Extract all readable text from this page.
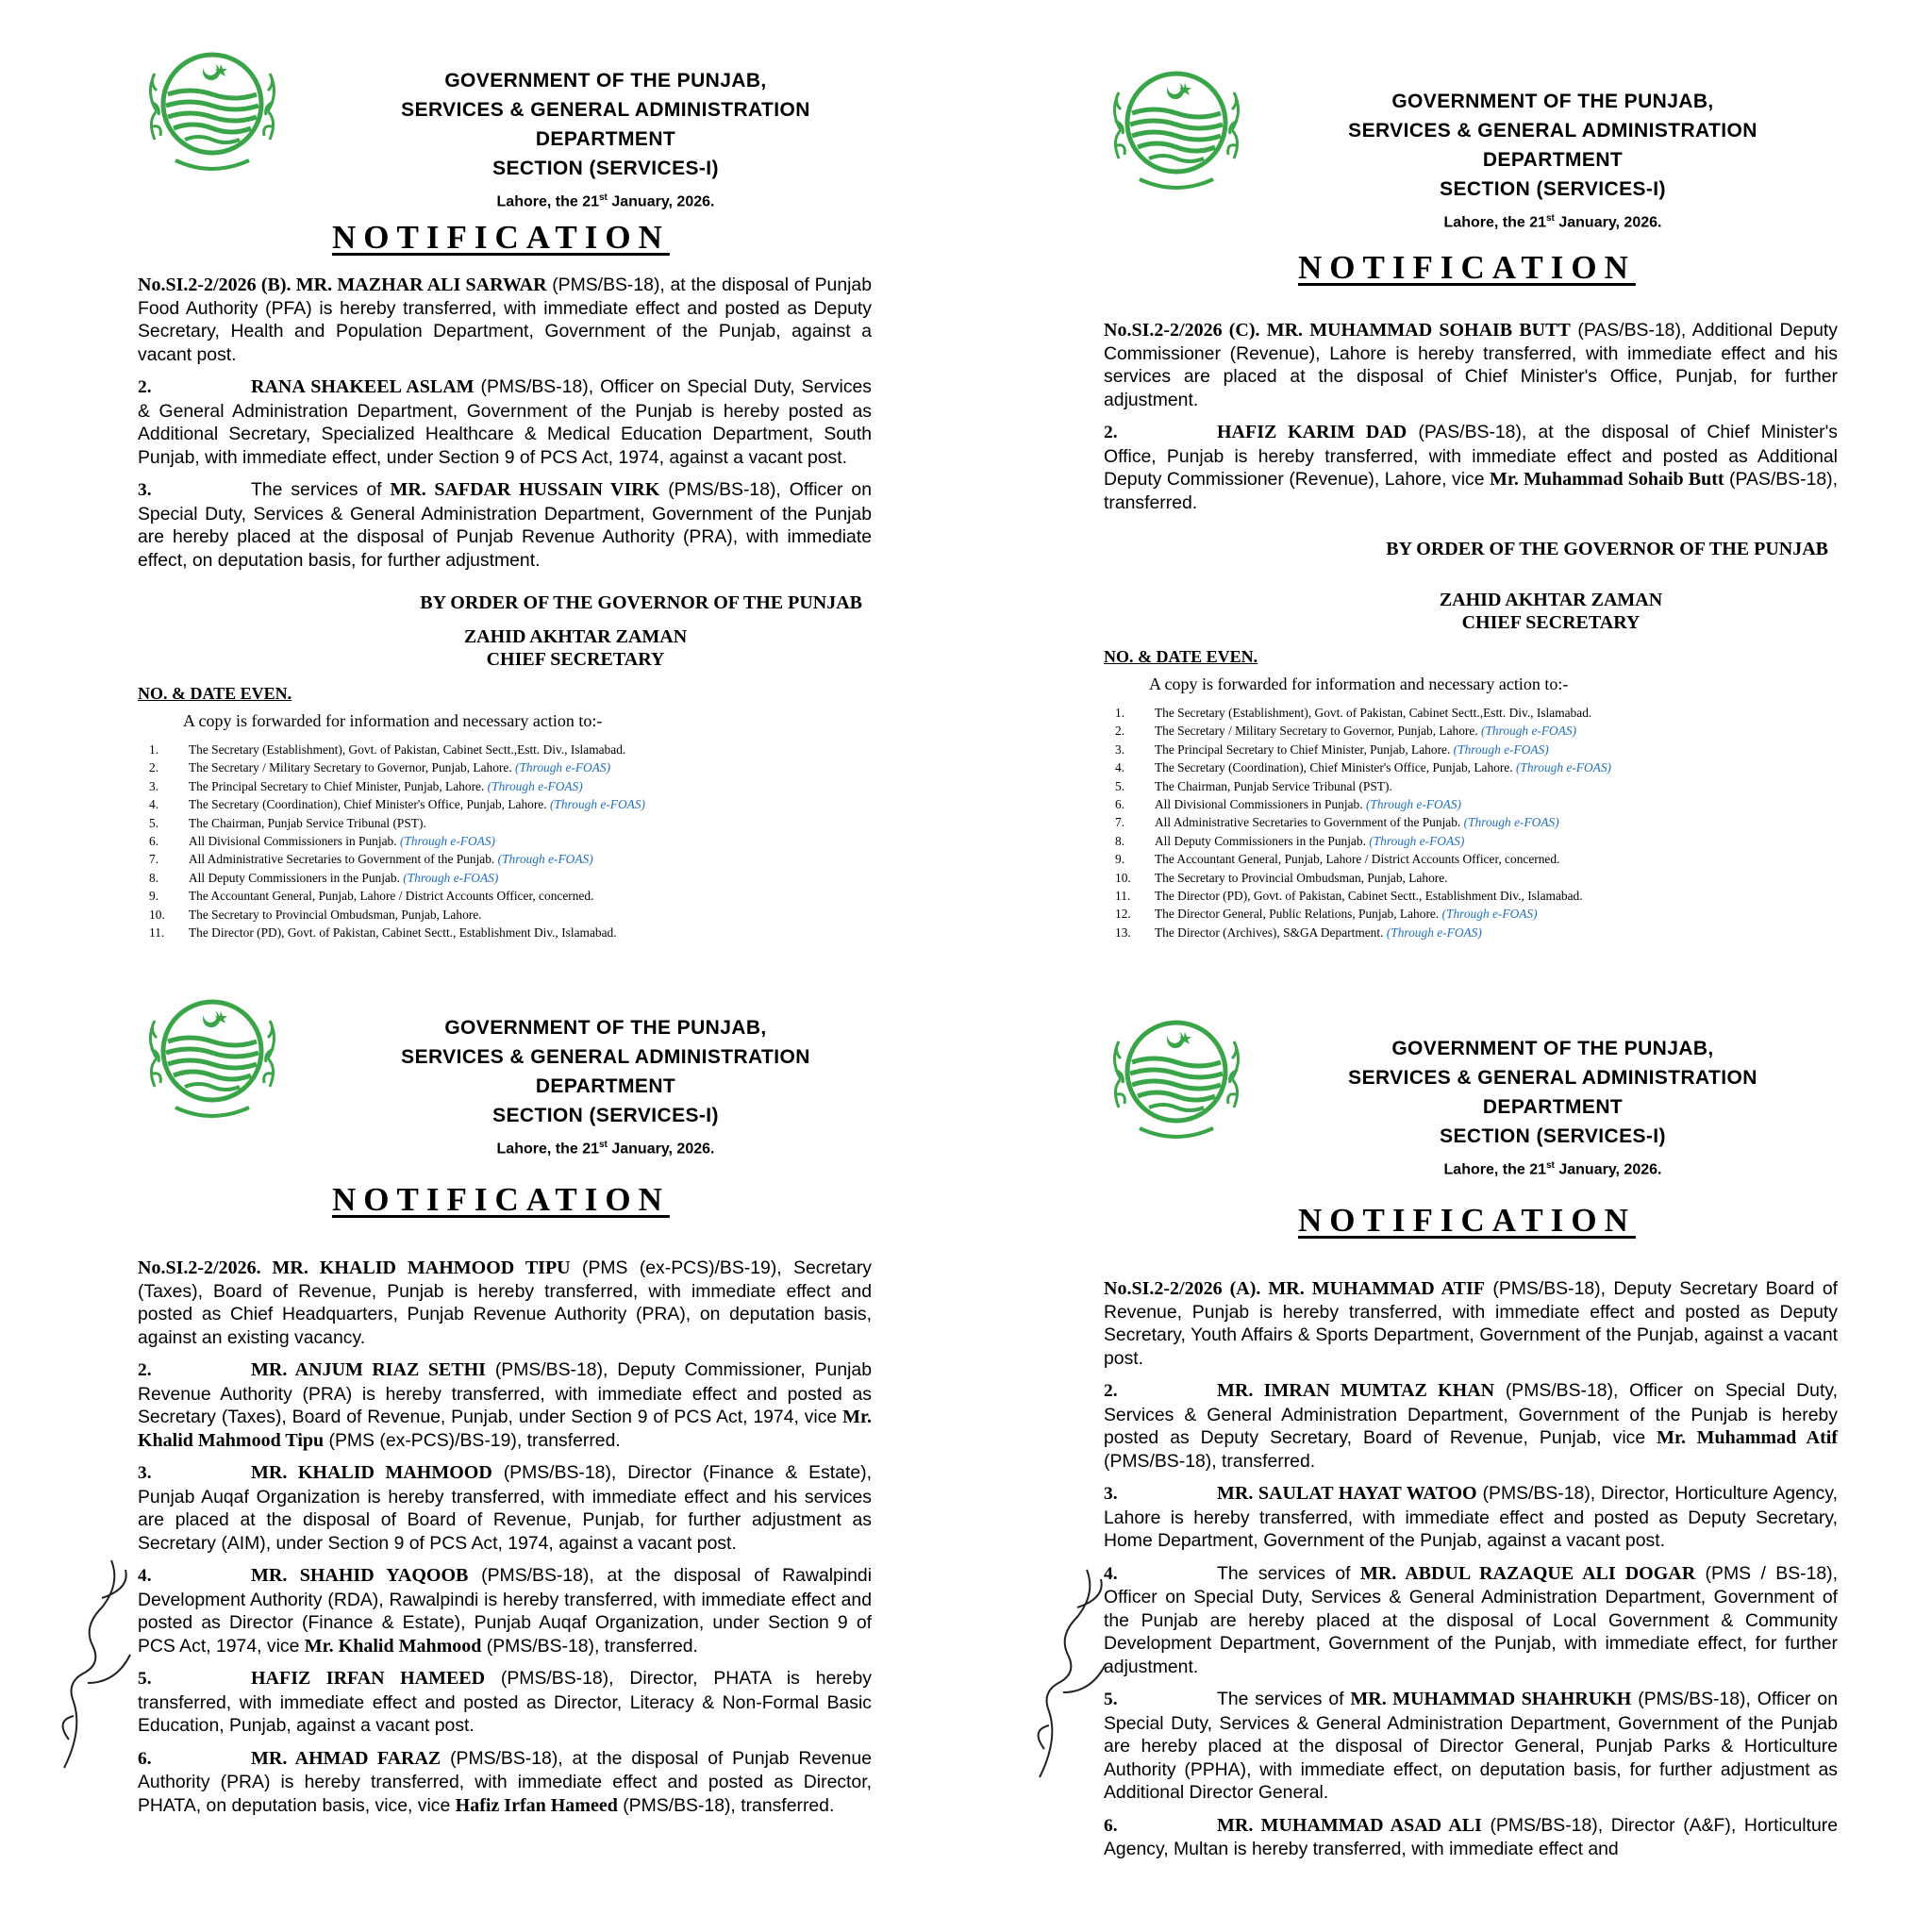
GOVERNMENT OF THE PUNJAB,
SERVICES & GENERAL ADMINISTRATION
DEPARTMENT
SECTION (SERVICES-I)
Lahore, the 21st January, 2026.
NOTIFICATION

No.SI.2-2/2026 (B). MR. MAZHAR ALI SARWAR (PMS/BS-18), at the disposal of Punjab Food Authority (PFA) is hereby transferred, with immediate effect and posted as Deputy Secretary, Health and Population Department, Government of the Punjab, against a vacant post.

2.	RANA SHAKEEL ASLAM (PMS/BS-18), Officer on Special Duty, Services & General Administration Department, Government of the Punjab is hereby posted as Additional Secretary, Specialized Healthcare & Medical Education Department, South Punjab, with immediate effect, under Section 9 of PCS Act, 1974, against a vacant post.

3.	The services of MR. SAFDAR HUSSAIN VIRK (PMS/BS-18), Officer on Special Duty, Services & General Administration Department, Government of the Punjab are hereby placed at the disposal of Punjab Revenue Authority (PRA), with immediate effect, on deputation basis, for further adjustment.

BY ORDER OF THE GOVERNOR OF THE PUNJAB
ZAHID AKHTAR ZAMAN
CHIEF SECRETARY
NO. & DATE EVEN.
A copy is forwarded for information and necessary action to:-
1. The Secretary (Establishment), Govt. of Pakistan, Cabinet Sectt.,Estt. Div., Islamabad.
2. The Secretary / Military Secretary to Governor, Punjab, Lahore. (Through e-FOAS)
3. The Principal Secretary to Chief Minister, Punjab, Lahore. (Through e-FOAS)
4. The Secretary (Coordination), Chief Minister's Office, Punjab, Lahore. (Through e-FOAS)
5. The Chairman, Punjab Service Tribunal (PST).
6. All Divisional Commissioners in Punjab. (Through e-FOAS)
7. All Administrative Secretaries to Government of the Punjab. (Through e-FOAS)
8. All Deputy Commissioners in the Punjab. (Through e-FOAS)
9. The Accountant General, Punjab, Lahore / District Accounts Officer, concerned.
10. The Secretary to Provincial Ombudsman, Punjab, Lahore.
11. The Director (PD), Govt. of Pakistan, Cabinet Sectt., Establishment Div., Islamabad.
GOVERNMENT OF THE PUNJAB,
SERVICES & GENERAL ADMINISTRATION
DEPARTMENT
SECTION (SERVICES-I)
Lahore, the 21st January, 2026.
NOTIFICATION

No.SI.2-2/2026 (C). MR. MUHAMMAD SOHAIB BUTT (PAS/BS-18), Additional Deputy Commissioner (Revenue), Lahore is hereby transferred, with immediate effect and his services are placed at the disposal of Chief Minister's Office, Punjab, for further adjustment.

2.	HAFIZ KARIM DAD (PAS/BS-18), at the disposal of Chief Minister's Office, Punjab is hereby transferred, with immediate effect and posted as Additional Deputy Commissioner (Revenue), Lahore, vice Mr. Muhammad Sohaib Butt (PAS/BS-18), transferred.

BY ORDER OF THE GOVERNOR OF THE PUNJAB
ZAHID AKHTAR ZAMAN
CHIEF SECRETARY
NO. & DATE EVEN.
A copy is forwarded for information and necessary action to:-
1. The Secretary (Establishment), Govt. of Pakistan, Cabinet Sectt.,Estt. Div., Islamabad.
2. The Secretary / Military Secretary to Governor, Punjab, Lahore. (Through e-FOAS)
3. The Principal Secretary to Chief Minister, Punjab, Lahore. (Through e-FOAS)
4. The Secretary (Coordination), Chief Minister's Office, Punjab, Lahore. (Through e-FOAS)
5. The Chairman, Punjab Service Tribunal (PST).
6. All Divisional Commissioners in Punjab. (Through e-FOAS)
7. All Administrative Secretaries to Government of the Punjab. (Through e-FOAS)
8. All Deputy Commissioners in the Punjab. (Through e-FOAS)
9. The Accountant General, Punjab, Lahore / District Accounts Officer, concerned.
10. The Secretary to Provincial Ombudsman, Punjab, Lahore.
11. The Director (PD), Govt. of Pakistan, Cabinet Sectt., Establishment Div., Islamabad.
12. The Director General, Public Relations, Punjab, Lahore. (Through e-FOAS)
13. The Director (Archives), S&GA Department. (Through e-FOAS)
GOVERNMENT OF THE PUNJAB,
SERVICES & GENERAL ADMINISTRATION
DEPARTMENT
SECTION (SERVICES-I)
Lahore, the 21st January, 2026.
NOTIFICATION

No.SI.2-2/2026. MR. KHALID MAHMOOD TIPU (PMS (ex-PCS)/BS-19), Secretary (Taxes), Board of Revenue, Punjab is hereby transferred, with immediate effect and posted as Chief Headquarters, Punjab Revenue Authority (PRA), on deputation basis, against an existing vacancy.

2.	MR. ANJUM RIAZ SETHI (PMS/BS-18), Deputy Commissioner, Punjab Revenue Authority (PRA) is hereby transferred, with immediate effect and posted as Secretary (Taxes), Board of Revenue, Punjab, under Section 9 of PCS Act, 1974, vice Mr. Khalid Mahmood Tipu (PMS (ex-PCS)/BS-19), transferred.

3.	MR. KHALID MAHMOOD (PMS/BS-18), Director (Finance & Estate), Punjab Auqaf Organization is hereby transferred, with immediate effect and his services are placed at the disposal of Board of Revenue, Punjab, for further adjustment as Secretary (AIM), under Section 9 of PCS Act, 1974, against a vacant post.

4.	MR. SHAHID YAQOOB (PMS/BS-18), at the disposal of Rawalpindi Development Authority (RDA), Rawalpindi is hereby transferred, with immediate effect and posted as Director (Finance & Estate), Punjab Auqaf Organization, under Section 9 of PCS Act, 1974, vice Mr. Khalid Mahmood (PMS/BS-18), transferred.

5.	HAFIZ IRFAN HAMEED (PMS/BS-18), Director, PHATA is hereby transferred, with immediate effect and posted as Director, Literacy & Non-Formal Basic Education, Punjab, against a vacant post.

6.	MR. AHMAD FARAZ (PMS/BS-18), at the disposal of Punjab Revenue Authority (PRA) is hereby transferred, with immediate effect and posted as Director, PHATA, on deputation basis, vice, vice Hafiz Irfan Hameed (PMS/BS-18), transferred.

GOVERNMENT OF THE PUNJAB,
SERVICES & GENERAL ADMINISTRATION
DEPARTMENT
SECTION (SERVICES-I)
Lahore, the 21st January, 2026.
NOTIFICATION

No.SI.2-2/2026 (A). MR. MUHAMMAD ATIF (PMS/BS-18), Deputy Secretary Board of Revenue, Punjab is hereby transferred, with immediate effect and posted as Deputy Secretary, Youth Affairs & Sports Department, Government of the Punjab, against a vacant post.

2.	MR. IMRAN MUMTAZ KHAN (PMS/BS-18), Officer on Special Duty, Services & General Administration Department, Government of the Punjab is hereby posted as Deputy Secretary, Board of Revenue, Punjab, vice Mr. Muhammad Atif (PMS/BS-18), transferred.

3.	MR. SAULAT HAYAT WATOO (PMS/BS-18), Director, Horticulture Agency, Lahore is hereby transferred, with immediate effect and posted as Deputy Secretary, Home Department, Government of the Punjab, against a vacant post.

4.	The services of MR. ABDUL RAZAQUE ALI DOGAR (PMS / BS-18), Officer on Special Duty, Services & General Administration Department, Government of the Punjab are hereby placed at the disposal of Local Government & Community Development Department, Government of the Punjab, with immediate effect, for further adjustment.

5.	The services of MR. MUHAMMAD SHAHRUKH (PMS/BS-18), Officer on Special Duty, Services & General Administration Department, Government of the Punjab are hereby placed at the disposal of Director General, Punjab Parks & Horticulture Authority (PPHA), with immediate effect, on deputation basis, for further adjustment as Additional Director General.

6.	MR. MUHAMMAD ASAD ALI (PMS/BS-18), Director (A&F), Horticulture Agency, Multan is hereby transferred, with immediate effect and
